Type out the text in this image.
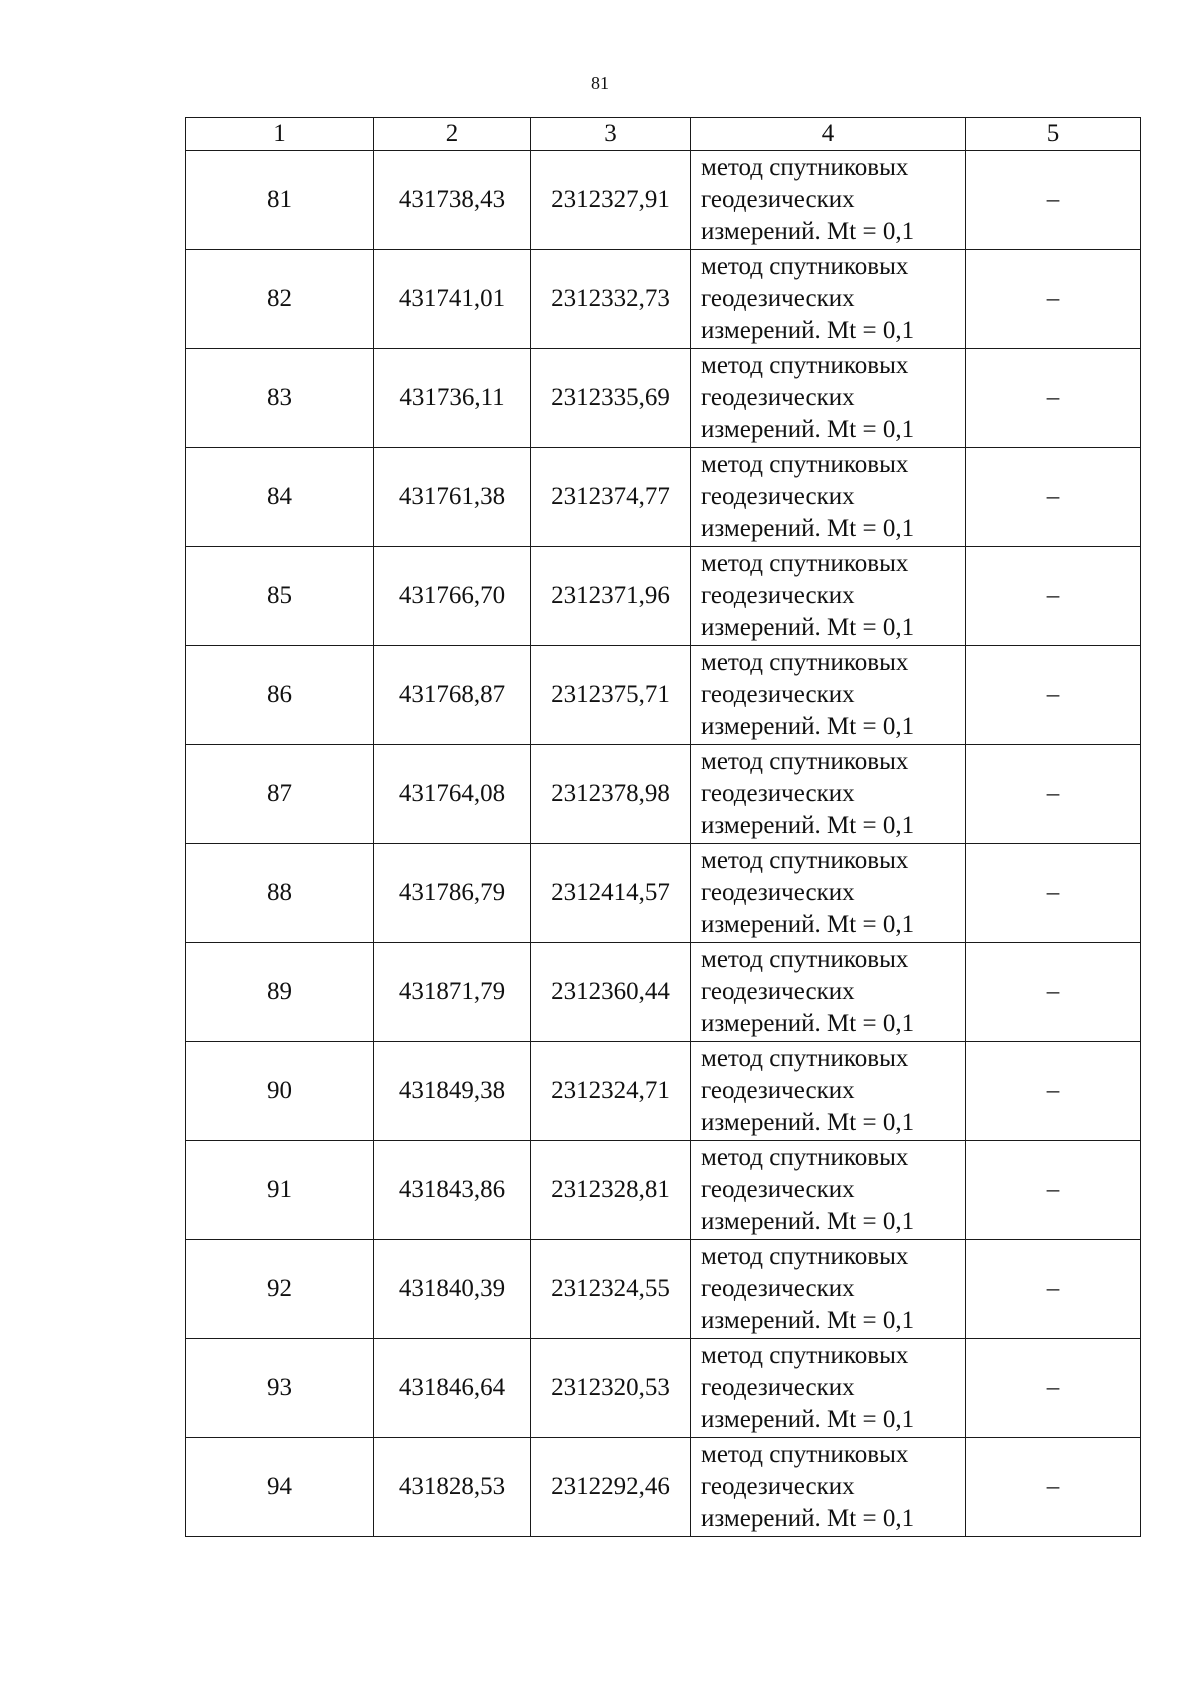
81
1	2	3	4	5
81	431738,43	2312327,91	метод спутниковых
геодезических
измерений. Mt = 0,1	–
82	431741,01	2312332,73	метод спутниковых
геодезических
измерений. Mt = 0,1	–
83	431736,11	2312335,69	метод спутниковых
геодезических
измерений. Mt = 0,1	–
84	431761,38	2312374,77	метод спутниковых
геодезических
измерений. Mt = 0,1	–
85	431766,70	2312371,96	метод спутниковых
геодезических
измерений. Mt = 0,1	–
86	431768,87	2312375,71	метод спутниковых
геодезических
измерений. Mt = 0,1	–
87	431764,08	2312378,98	метод спутниковых
геодезических
измерений. Mt = 0,1	–
88	431786,79	2312414,57	метод спутниковых
геодезических
измерений. Mt = 0,1	–
89	431871,79	2312360,44	метод спутниковых
геодезических
измерений. Mt = 0,1	–
90	431849,38	2312324,71	метод спутниковых
геодезических
измерений. Mt = 0,1	–
91	431843,86	2312328,81	метод спутниковых
геодезических
измерений. Mt = 0,1	–
92	431840,39	2312324,55	метод спутниковых
геодезических
измерений. Mt = 0,1	–
93	431846,64	2312320,53	метод спутниковых
геодезических
измерений. Mt = 0,1	–
94	431828,53	2312292,46	метод спутниковых
геодезических
измерений. Mt = 0,1	–
